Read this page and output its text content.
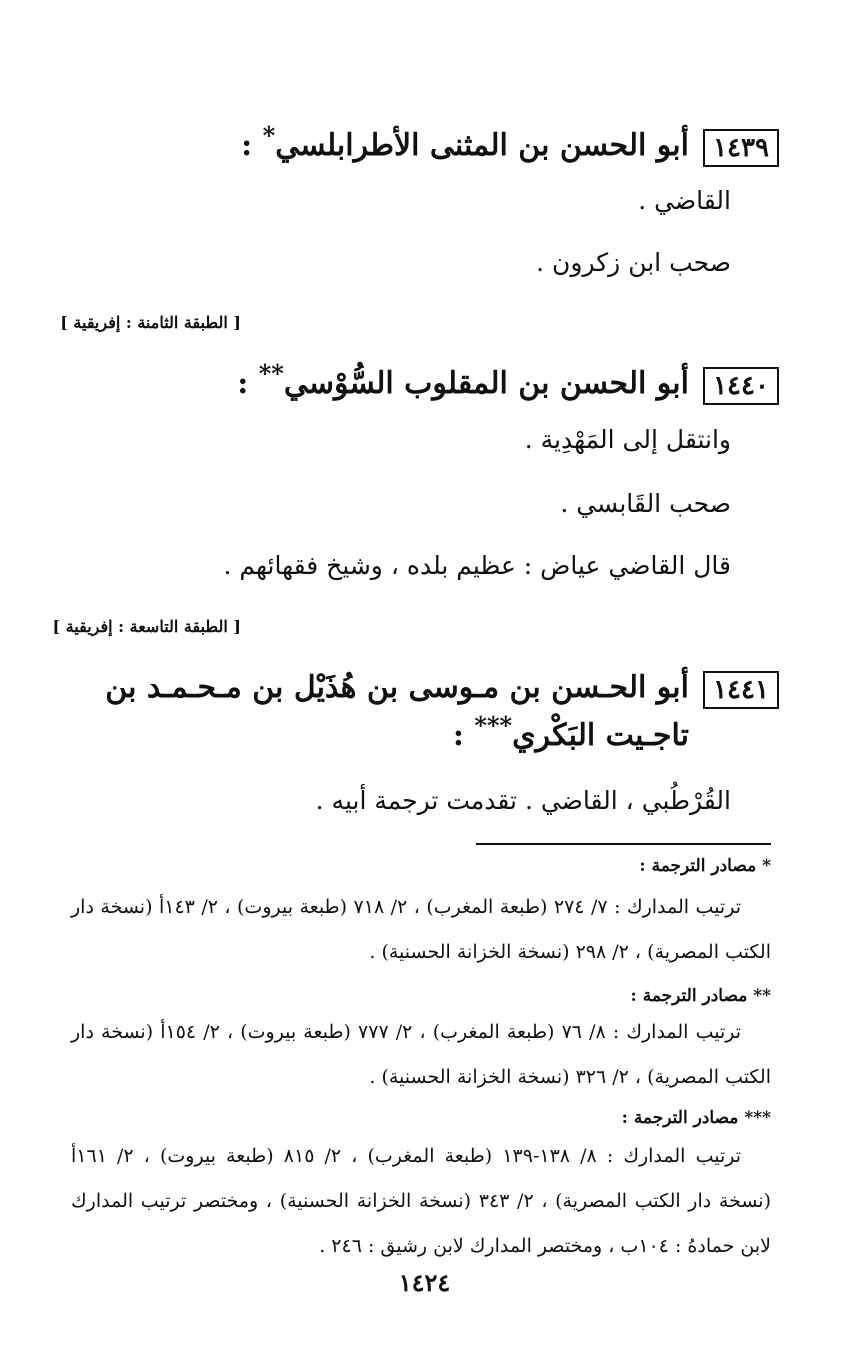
١٤٣٩
أبو الحسن بن المثنى الأطرابلسي* :
القاضي .
صحب ابن زكرون .
[ الطبقة الثامنة : إفريقية ]
١٤٤٠
أبو الحسن بن المقلوب السُّوْسي** :
وانتقل إلى المَهْدِية .
صحب القَابسي .
قال القاضي عياض : عظيم بلده ، وشيخ فقهائهم .
[ الطبقة التاسعة : إفريقية ]
١٤٤١
أبو الحـسن بن مـوسى بن هُذَيْل بن مـحـمـد بن تاجـيت البَكْري*** :
القُرْطُبي ، القاضي . تقدمت ترجمة أبيه .
* مصادر الترجمة :
ترتيب المدارك : ٧/ ٢٧٤ (طبعة المغرب) ، ٢/ ٧١٨ (طبعة بيروت) ، ٢/ ١٤٣أ (نسخة دار الكتب المصرية) ، ٢/ ٢٩٨ (نسخة الخزانة الحسنية) .
** مصادر الترجمة :
ترتيب المدارك : ٨/ ٧٦ (طبعة المغرب) ، ٢/ ٧٧٧ (طبعة بيروت) ، ٢/ ١٥٤أ (نسخة دار الكتب المصرية) ، ٢/ ٣٢٦ (نسخة الخزانة الحسنية) .
*** مصادر الترجمة :
ترتيب المدارك : ٨/ ١٣٨-١٣٩ (طبعة المغرب) ، ٢/ ٨١٥ (طبعة بيروت) ، ٢/ ١٦١أ (نسخة دار الكتب المصرية) ، ٢/ ٣٤٣ (نسخة الخزانة الحسنية) ، ومختصر ترتيب المدارك لابن حمادهُ : ١٠٤ب ، ومختصر المدارك لابن رشيق : ٢٤٦ .
١٤٢٤
